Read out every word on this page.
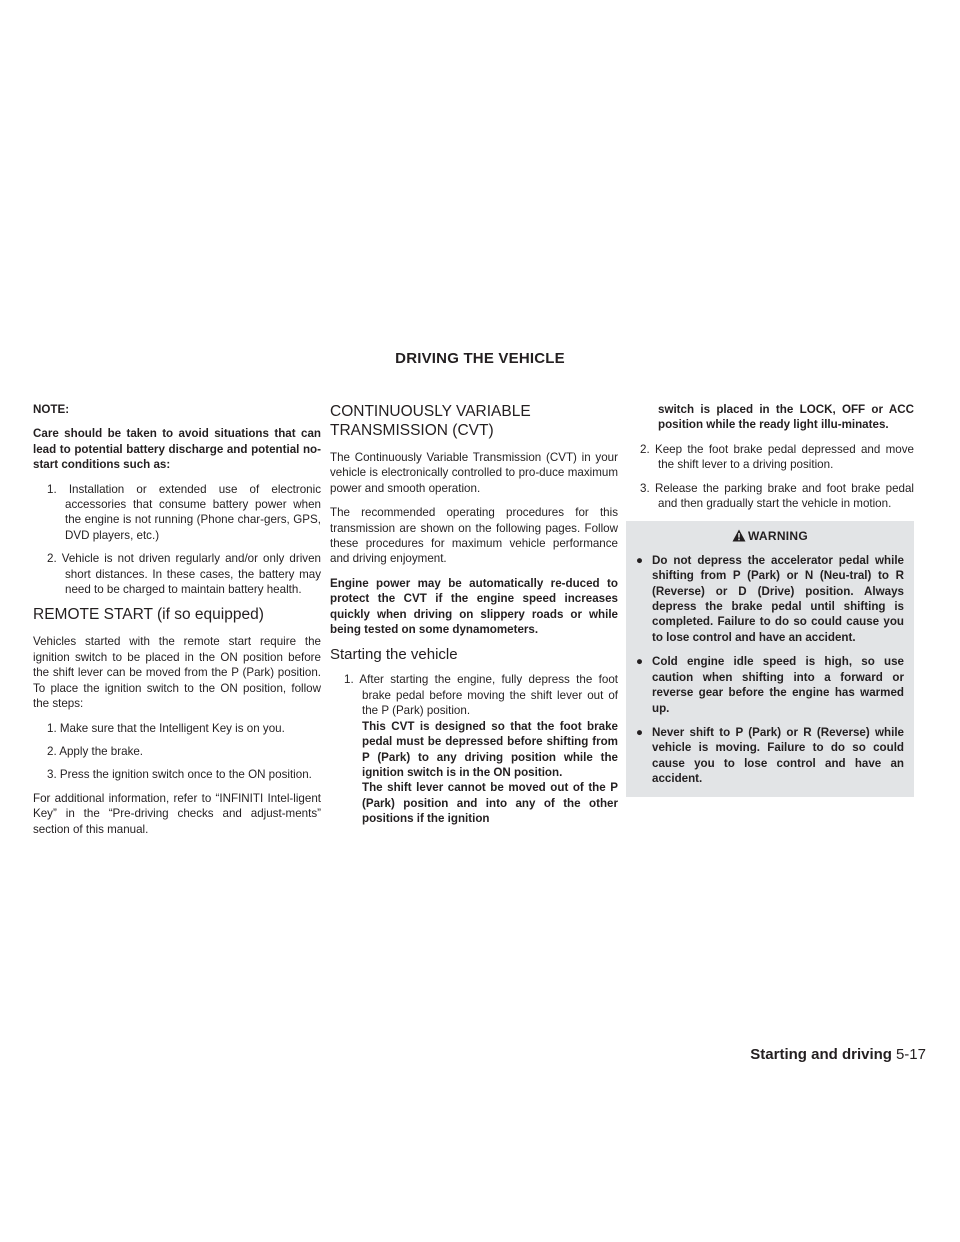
DRIVING THE VEHICLE

NOTE:

Care should be taken to avoid situations that can lead to potential battery discharge and potential no-start conditions such as:

1. Installation or extended use of electronic accessories that consume battery power when the engine is not running (Phone char-gers, GPS, DVD players, etc.)

2. Vehicle is not driven regularly and/or only driven short distances. In these cases, the battery may need to be charged to maintain battery health.

REMOTE START (if so equipped)

Vehicles started with the remote start require the ignition switch to be placed in the ON position before the shift lever can be moved from the P (Park) position. To place the ignition switch to the ON position, follow the steps:

1. Make sure that the Intelligent Key is on you.

2. Apply the brake.

3. Press the ignition switch once to the ON position.

For additional information, refer to “INFINITI Intel-ligent Key” in the “Pre-driving checks and adjust-ments” section of this manual.

CONTINUOUSLY VARIABLE
TRANSMISSION (CVT)

The Continuously Variable Transmission (CVT) in your vehicle is electronically controlled to pro-duce maximum power and smooth operation.

The recommended operating procedures for this transmission are shown on the following pages. Follow these procedures for maximum vehicle performance and driving enjoyment.

Engine power may be automatically re-duced to protect the CVT if the engine speed increases quickly when driving on slippery roads or while being tested on some dynamometers.

Starting the vehicle
1. After starting the engine, fully depress the foot brake pedal before moving the shift lever out of the P (Park) position.
This CVT is designed so that the foot brake pedal must be depressed before shifting from P (Park) to any driving position while the ignition switch is in the ON position.
The shift lever cannot be moved out of the P (Park) position and into any of the other positions if the ignition

switch is placed in the LOCK, OFF or ACC position while the ready light illu-minates.

2. Keep the foot brake pedal depressed and move the shift lever to a driving position.

3. Release the parking brake and foot brake pedal and then gradually start the vehicle in motion.

WARNING
● Do not depress the accelerator pedal while shifting from P (Park) or N (Neu-tral) to R (Reverse) or D (Drive) position. Always depress the brake pedal until shifting is completed. Failure to do so could cause you to lose control and have an accident.
● Cold engine idle speed is high, so use caution when shifting into a forward or reverse gear before the engine has warmed up.
● Never shift to P (Park) or R (Reverse) while vehicle is moving. Failure to do so could cause you to lose control and have an accident.
Starting and driving 5-17
